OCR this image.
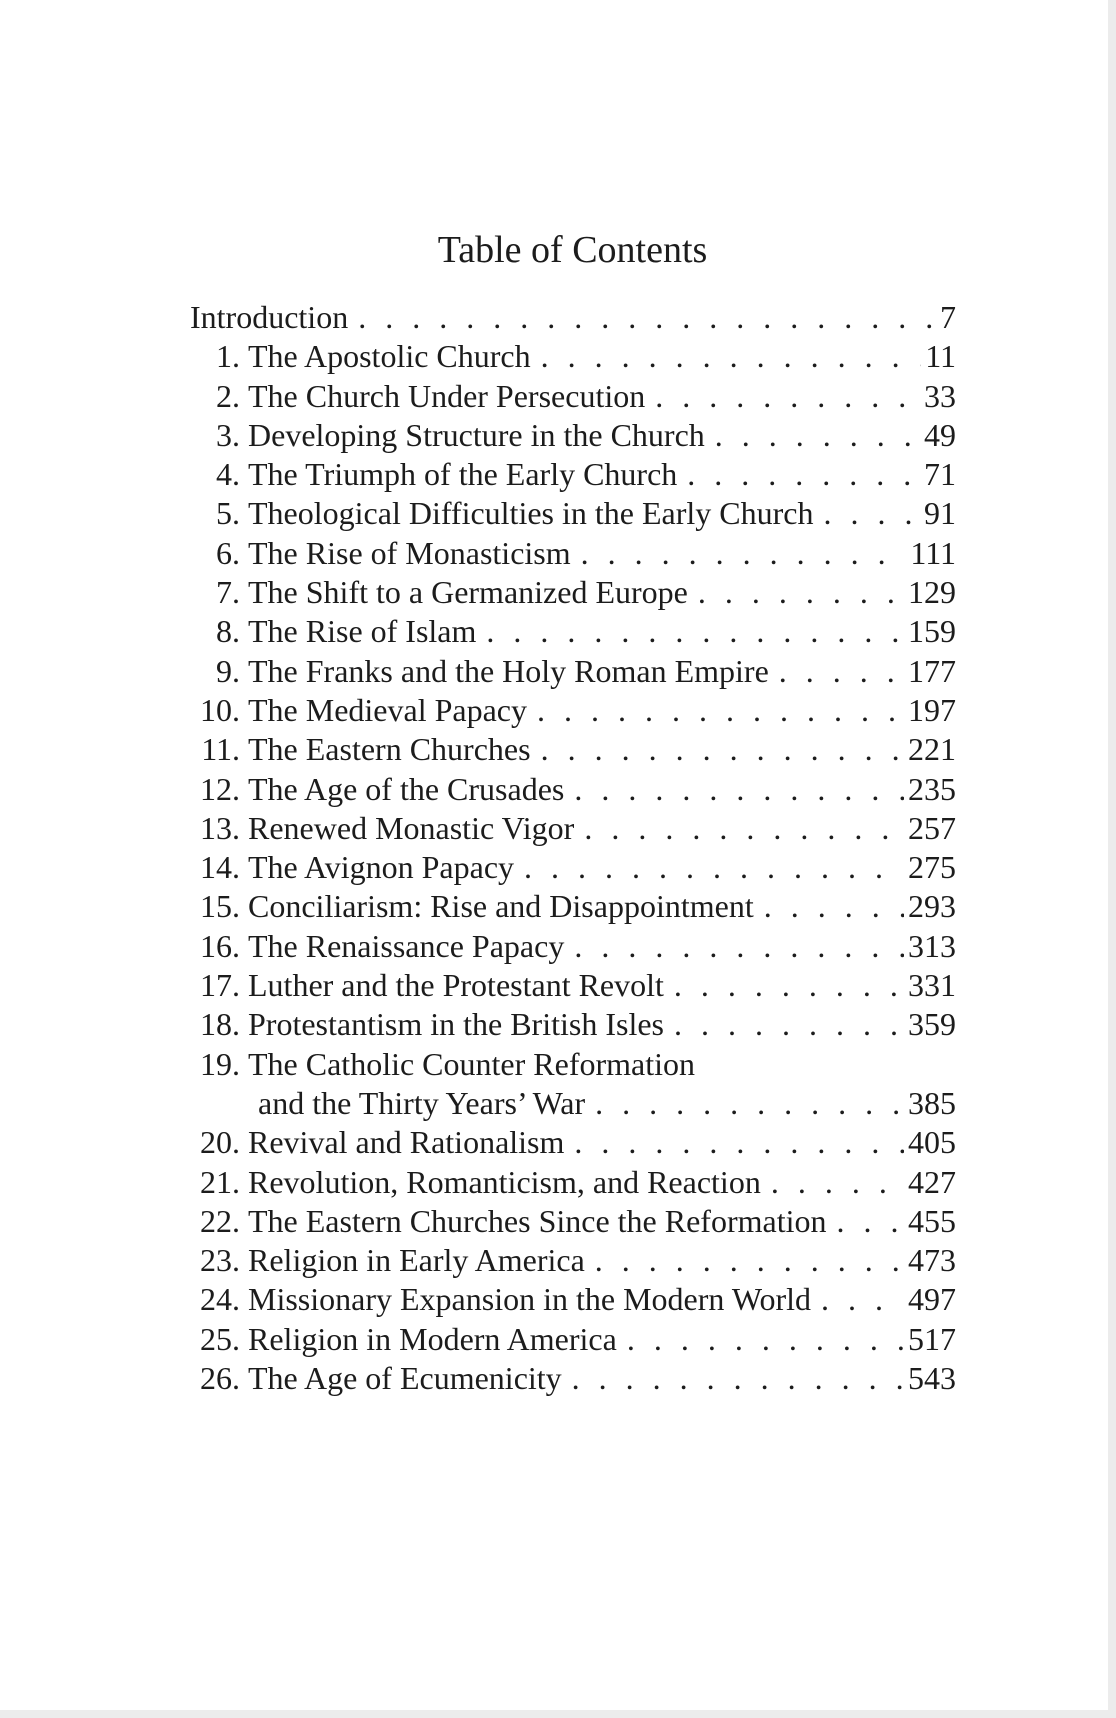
Table of Contents
Introduction . . .	7
1. The Apostolic Church . . .	11
2. The Church Under Persecution . . .	33
3. Developing Structure in the Church . . .	49
4. The Triumph of the Early Church . . .	71
5. Theological Difficulties in the Early Church . . .	91
6. The Rise of Monasticism . . .	111
7. The Shift to a Germanized Europe . . .	129
8. The Rise of Islam . . .	159
9. The Franks and the Holy Roman Empire . . .	177
10. The Medieval Papacy . . .	197
11. The Eastern Churches . . .	221
12. The Age of the Crusades . . .	235
13. Renewed Monastic Vigor . . .	257
14. The Avignon Papacy . . .	275
15. Conciliarism: Rise and Disappointment . . .	293
16. The Renaissance Papacy . . .	313
17. Luther and the Protestant Revolt . . .	331
18. Protestantism in the British Isles . . .	359
19. The Catholic Counter Reformation
and the Thirty Years’ War . . .	385
20. Revival and Rationalism . . .	405
21. Revolution, Romanticism, and Reaction . . .	427
22. The Eastern Churches Since the Reformation . . .	455
23. Religion in Early America . . .	473
24. Missionary Expansion in the Modern World . . .	497
25. Religion in Modern America . . .	517
26. The Age of Ecumenicity . . .	543
